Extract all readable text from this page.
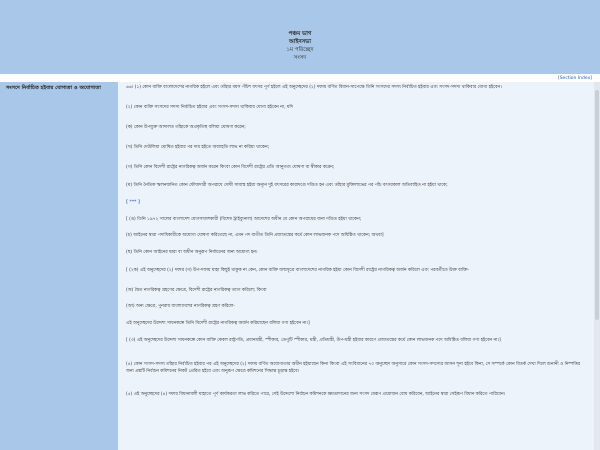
পঞ্চম ভাগ
আইনসভা
১ম পরিচ্ছেদ
সংসদ
[Section Index]
সংসদে নির্বাচিত হইবার যোগ্যতা ও অযোগ্যতা	৬৬। (১) কোন ব্যক্তি বাংলাদেশের নাগরিক হইলে এবং তাঁহার বয়স পঁচিশ বৎসর পূর্ণ হইলে এই অনুচ্ছেদের (২) দফায় বর্ণিত বিধান-সাপেক্ষে তিনি সংসদের সদস্য নির্বাচিত হইবার এবং সংসদ-সদস্য থাকিবার যোগ্য হইবেন।
(২) কোন ব্যক্তি সংসদের সদস্য নির্বাচিত হইবার এবং সংসদ-সদস্য থাকিবার যোগ্য হইবেন না, যদি
(ক) কোন উপযুক্ত আদালত তাঁহাকে অপ্রকৃতিস্থ বলিয়া ঘোষণা করেন;
(খ) তিনি দেউলিয়া ঘোষিত হইবার পর দায় হইতে অব্যাহতি লাভ না করিয়া থাকেন;
(গ) তিনি কোন বিদেশী রাষ্ট্রের নাগরিকত্ব অর্জন করেন কিংবা কোন বিদেশী রাষ্ট্রের প্রতি আনুগত্য ঘোষণা বা স্বীকার করেন;
(ঘ) তিনি নৈতিক স্খলনজনিত কোন ফৌজদারী অপরাধে দোষী সাব্যস্ত হইয়া অন্যূন দুই বৎসরের কারাদণ্ডে দণ্ডিত হন এবং তাঁহার মুক্তিলাভের পর পাঁচ বৎসরকাল অতিবাহিত না হইয়া থাকে;
[ *** ]
[ (ঙ) তিনি ১৯৭২ সালের বাংলাদেশ যোগসাজশকারী (বিশেষ ট্রাইব্যুনাল) আদেশের অধীন যে কোন অপরাধের জন্য দণ্ডিত হইয়া থাকেন;
(চ) আইনের দ্বারা পদাধিকারীকে অযোগ্য ঘোষণা করিতেছে না, এমন পদ ব্যতীত তিনি প্রজাতন্ত্রের কর্মে কোন লাভজনক পদে অধিষ্ঠিত থাকেন; অথবা]
(ছ) তিনি কোন আইনের দ্বারা বা অধীন অনুরূপ নির্বাচনের জন্য অযোগ্য হন।
[ (২ক) এই অনুচ্ছেদের (২) দফার (গ) উপ-দফায় যাহা কিছুই থাকুক না কেন, কোন ব্যক্তি জন্মসূত্রে বাংলাদেশের নাগরিক হইয়া কোন বিদেশী রাষ্ট্রের নাগরিকত্ব অর্জন করিলে এবং পরবর্তীতে উক্ত ব্যক্তি-
(অ) দ্বৈত নাগরিকত্ব গ্রহণের ক্ষেত্রে, বিদেশী রাষ্ট্রের নাগরিকত্ব ত্যাগ করিলে; কিংবা
(আ) অন্য ক্ষেত্রে, পুনরায় বাংলাদেশের নাগরিকত্ব গ্রহণ করিলে-
এই অনুচ্ছেদের উদ্দেশ্য সাধনকল্পে তিনি বিদেশী রাষ্ট্রের নাগরিকত্ব অর্জন করিয়াছেন বলিয়া গণ্য হইবেন না।]
[ (৩) এই অনুচ্ছেদের উদ্দেশ্য সাধনকল্পে কোন ব্যক্তি কেবল রাষ্ট্রপতি, প্রধানমন্ত্রী, স্পীকার, ডেপুটি স্পীকার, মন্ত্রী, প্রতিমন্ত্রী, উপ-মন্ত্রী হইবার কারণে প্রজাতন্ত্রের কর্মে কোন লাভজনক পদে অধিষ্ঠিত বলিয়া গণ্য হইবেন না।]
(৪) কোন সংসদ-সদস্য তাঁহার নির্বাচিত হইবার পর এই অনুচ্ছেদের (২) দফায় বর্ণিত অযোগ্যতার অধীন হইয়াছেন কিনা কিংবা এই সংবিধানের ৭০ অনুচ্ছেদ অনুসারে কোন সংসদ-সদস্যের আসন শূন্য হইবে কিনা, সে সম্পর্কে কোন বিতর্ক দেখা দিলে শুনানী ও নিষ্পত্তির জন্য প্রশ্নটি নির্বাচন কমিশনের নিকট প্রেরিত হইবে এবং অনুরূপ ক্ষেত্রে কমিশনের সিদ্ধান্ত চূড়ান্ত হইবে।
(৫) এই অনুচ্ছেদের (৪) দফার বিধানাবলী যাহাতে পূর্ণ কার্যকরতা লাভ করিতে পারে, সেই উদ্দেশ্যে নির্বাচন কমিশনকে ক্ষমতাদানের জন্য সংসদ যেরূপ প্রয়োজন বোধ করিবেন, আইনের দ্বারা সেইরূপ বিধান করিতে পারিবেন।
